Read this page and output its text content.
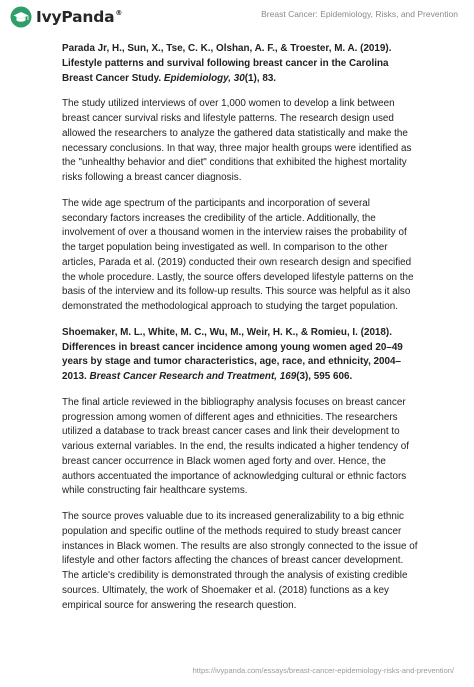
IvyPanda®	Breast Cancer: Epidemiology, Risks, and Prevention

Parada Jr, H., Sun, X., Tse, C. K., Olshan, A. F., & Troester, M. A. (2019). Lifestyle patterns and survival following breast cancer in the Carolina Breast Cancer Study. Epidemiology, 30(1), 83.

The study utilized interviews of over 1,000 women to develop a link between breast cancer survival risks and lifestyle patterns. The research design used allowed the researchers to analyze the gathered data statistically and make the necessary conclusions. In that way, three major health groups were identified as the "unhealthy behavior and diet" conditions that exhibited the highest mortality risks following a breast cancer diagnosis.

The wide age spectrum of the participants and incorporation of several secondary factors increases the credibility of the article. Additionally, the involvement of over a thousand women in the interview raises the probability of the target population being investigated as well. In comparison to the other articles, Parada et al. (2019) conducted their own research design and specified the whole procedure. Lastly, the source offers developed lifestyle patterns on the basis of the interview and its follow-up results. This source was helpful as it also demonstrated the methodological approach to studying the target population.

Shoemaker, M. L., White, M. C., Wu, M., Weir, H. K., & Romieu, I. (2018). Differences in breast cancer incidence among young women aged 20–49 years by stage and tumor characteristics, age, race, and ethnicity, 2004–2013. Breast Cancer Research and Treatment, 169(3), 595 606.

The final article reviewed in the bibliography analysis focuses on breast cancer progression among women of different ages and ethnicities. The researchers utilized a database to track breast cancer cases and link their development to various external variables. In the end, the results indicated a higher tendency of breast cancer occurrence in Black women aged forty and over. Hence, the authors accentuated the importance of acknowledging cultural or ethnic factors while constructing fair healthcare systems.

The source proves valuable due to its increased generalizability to a big ethnic population and specific outline of the methods required to study breast cancer instances in Black women. The results are also strongly connected to the issue of lifestyle and other factors affecting the chances of breast cancer development. The article's credibility is demonstrated through the analysis of existing credible sources. Ultimately, the work of Shoemaker et al. (2018) functions as a key empirical source for answering the research question.

https://ivypanda.com/essays/breast-cancer-epidemiology-risks-and-prevention/
